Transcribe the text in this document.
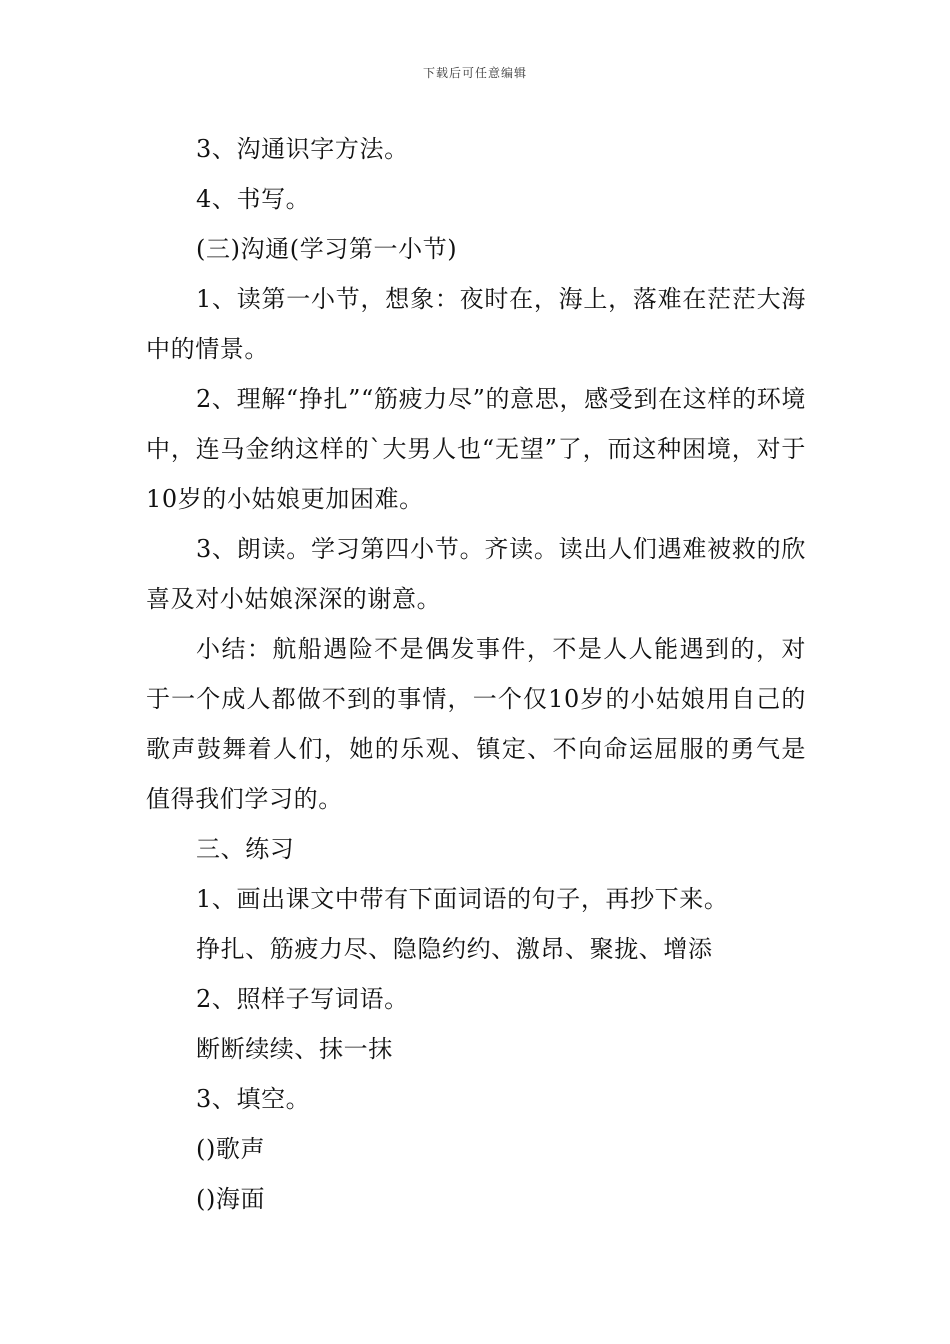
下载后可任意编辑

3、沟通识字方法。

4、书写。

(三)沟通(学习第一小节)

1、读第一小节，想象：夜时在，海上，落难在茫茫大海中的情景。

2、理解“挣扎”“筋疲力尽”的意思，感受到在这样的环境中，连马金纳这样的`大男人也“无望”了，而这种困境，对于10岁的小姑娘更加困难。

3、朗读。学习第四小节。齐读。读出人们遇难被救的欣喜及对小姑娘深深的谢意。

小结：航船遇险不是偶发事件，不是人人能遇到的，对于一个成人都做不到的事情，一个仅10岁的小姑娘用自己的歌声鼓舞着人们，她的乐观、镇定、不向命运屈服的勇气是值得我们学习的。

三、练习

1、画出课文中带有下面词语的句子，再抄下来。

挣扎、筋疲力尽、隐隐约约、激昂、聚拢、增添

2、照样子写词语。

断断续续、抹一抹

3、填空。

()歌声

()海面
